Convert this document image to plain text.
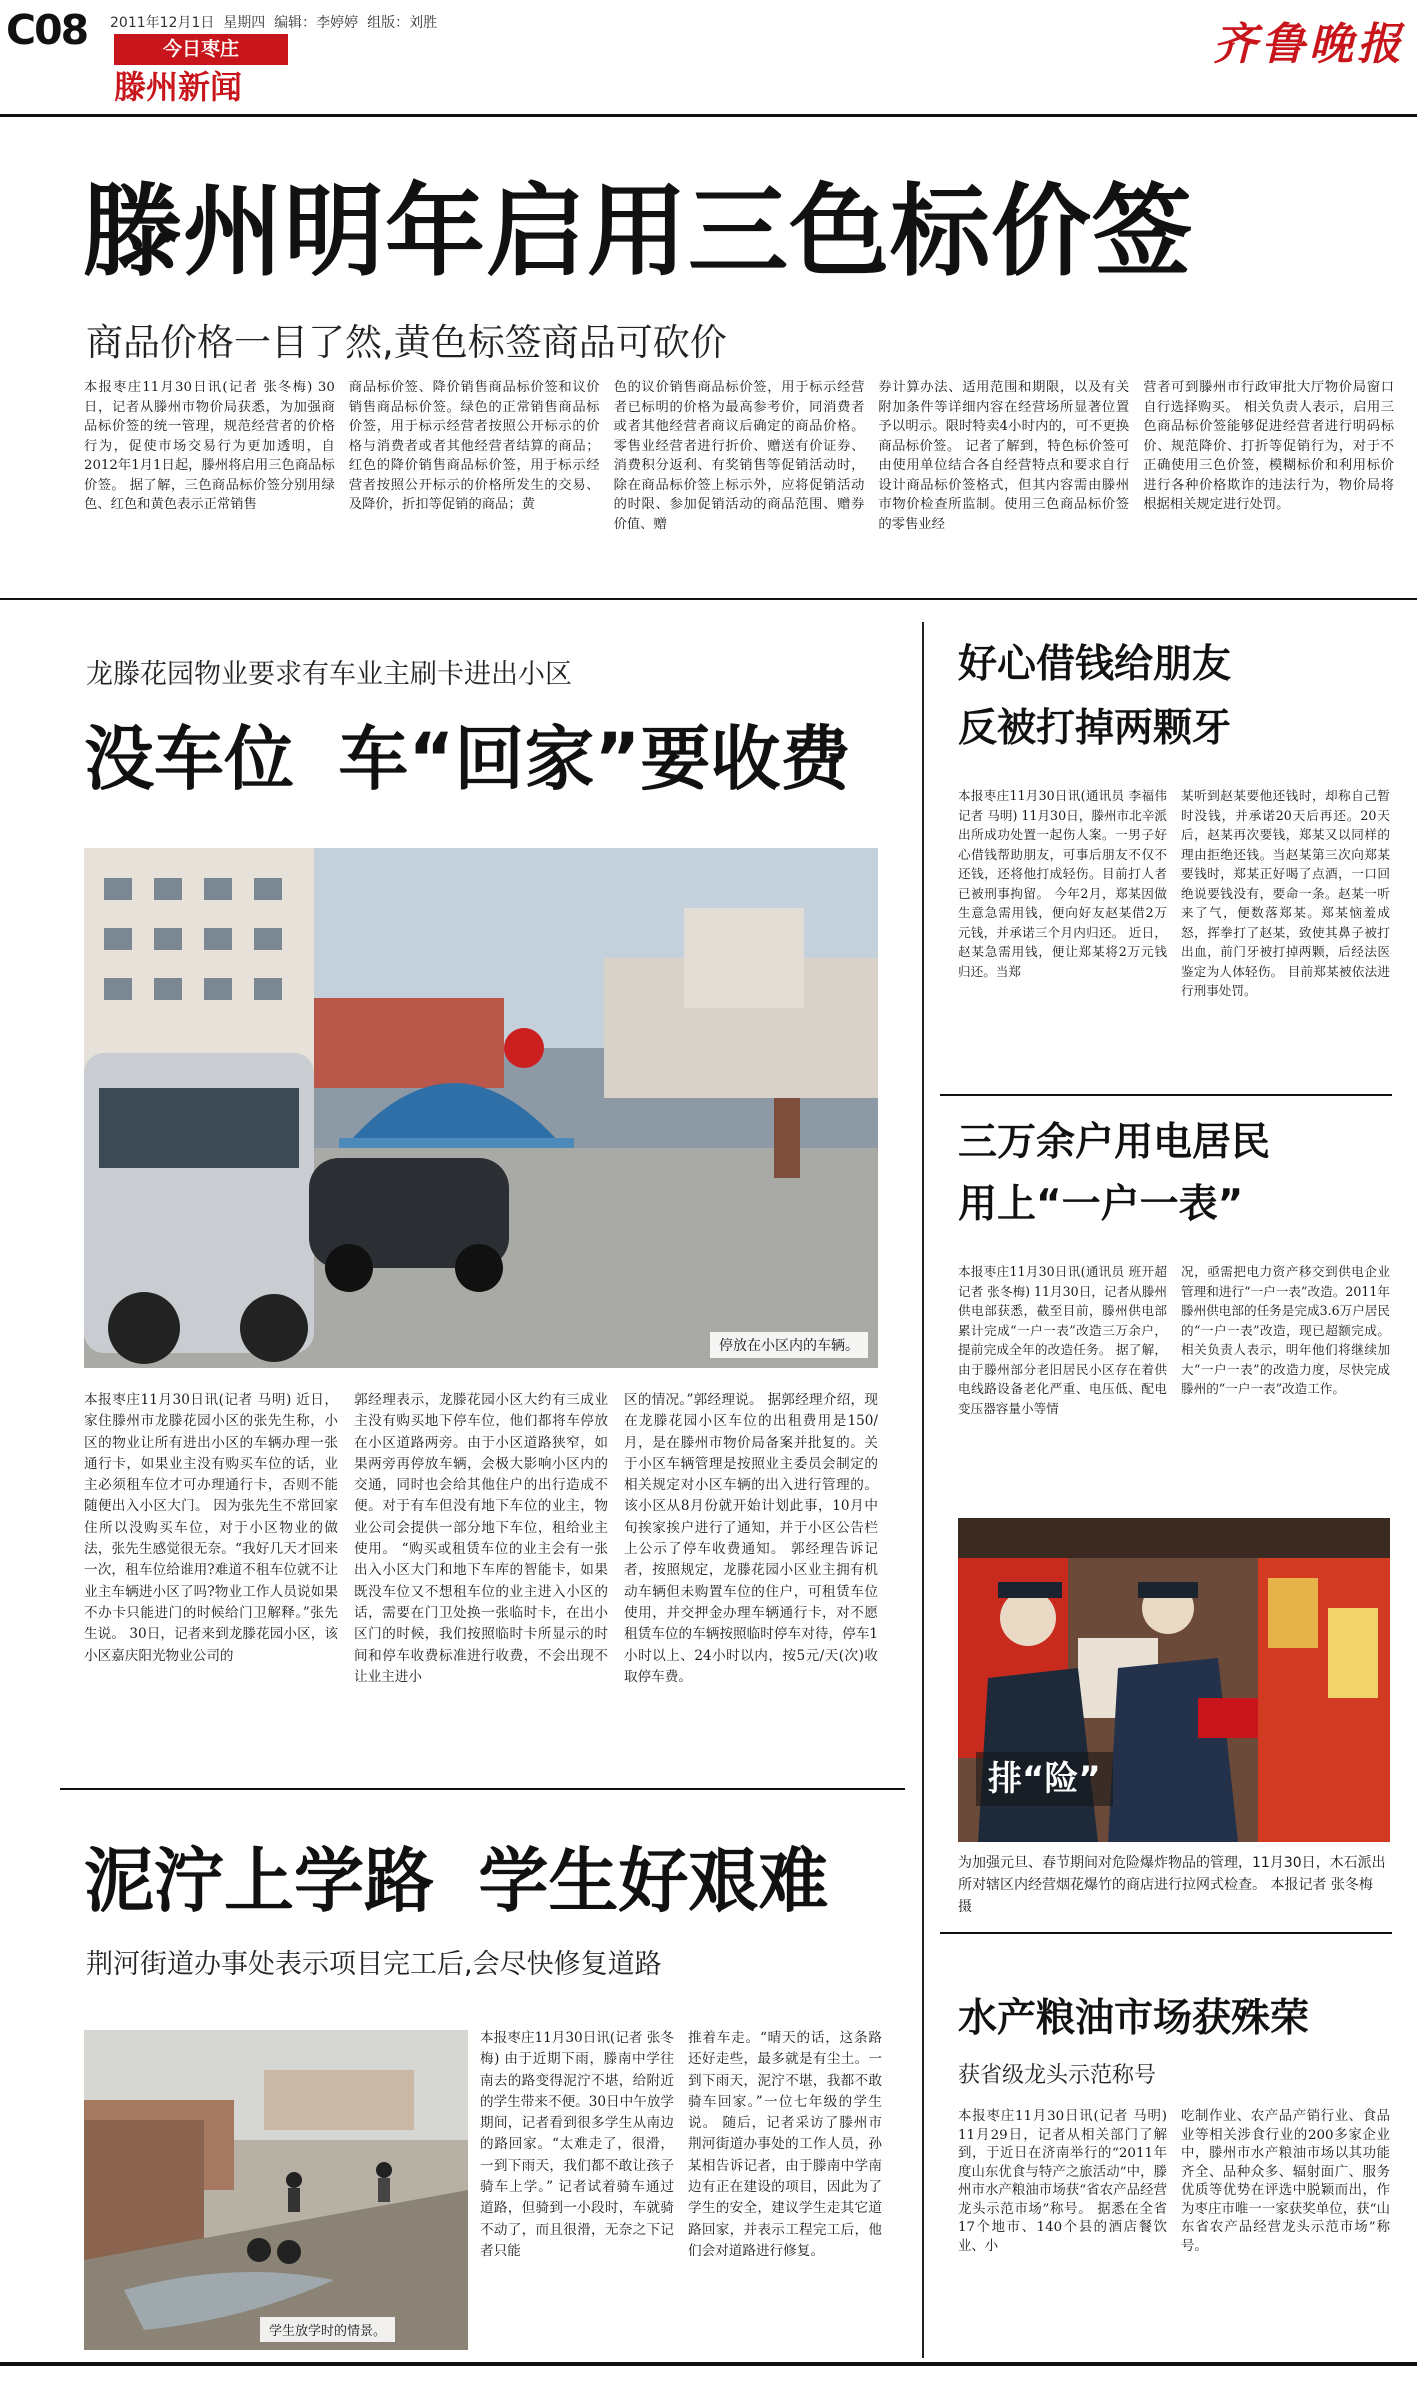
C08 2011年12月1日 星期四 编辑：李婷婷 组版：刘胜
今日枣庄
滕州新闻
齐鲁晚报
滕州明年启用三色标价签
商品价格一目了然,黄色标签商品可砍价
本报枣庄11月30日讯(记者 张冬梅) 30日，记者从滕州市物价局获悉，为加强商品标价签的统一管理，规范经营者的价格行为，促使市场交易行为更加透明，自2012年1月1日起，滕州将启用三色商品标价签。 据了解，三色商品标价签分别用绿色、红色和黄色表示正常销售
商品标价签、降价销售商品标价签和议价销售商品标价签。绿色的正常销售商品标价签，用于标示经营者按照公开标示的价格与消费者或者其他经营者结算的商品；红色的降价销售商品标价签，用于标示经营者按照公开标示的价格所发生的交易、及降价，折扣等促销的商品；黄
色的议价销售商品标价签，用于标示经营者已标明的价格为最高参考价，同消费者或者其他经营者商议后确定的商品价格。 零售业经营者进行折价、赠送有价证券、消费积分返利、有奖销售等促销活动时，除在商品标价签上标示外，应将促销活动的时限、参加促销活动的商品范围、赠券价值、赠
券计算办法、适用范围和期限，以及有关附加条件等详细内容在经营场所显著位置予以明示。限时特卖4小时内的，可不更换商品标价签。 记者了解到，特色标价签可由使用单位结合各自经营特点和要求自行设计商品标价签格式，但其内容需由滕州市物价检查所监制。使用三色商品标价签的零售业经
营者可到滕州市行政审批大厅物价局窗口自行选择购买。 相关负责人表示，启用三色商品标价签能够促进经营者进行明码标价、规范降价、打折等促销行为，对于不正确使用三色价签，模糊标价和利用标价进行各种价格欺诈的违法行为，物价局将根据相关规定进行处罚。
龙滕花园物业要求有车业主刷卡进出小区
没车位 车“回家”要收费
停放在小区内的车辆。
本报枣庄11月30日讯(记者 马明) 近日，家住滕州市龙滕花园小区的张先生称，小区的物业让所有进出小区的车辆办理一张通行卡，如果业主没有购买车位的话，业主必须租车位才可办理通行卡，否则不能随便出入小区大门。 因为张先生不常回家住所以没购买车位，对于小区物业的做法，张先生感觉很无奈。“我好几天才回来一次，租车位给谁用?难道不租车位就不让业主车辆进小区了吗?物业工作人员说如果不办卡只能进门的时候给门卫解释。”张先生说。 30日，记者来到龙滕花园小区，该小区嘉庆阳光物业公司的
郭经理表示，龙滕花园小区大约有三成业主没有购买地下停车位，他们都将车停放在小区道路两旁。由于小区道路狭窄，如果两旁再停放车辆，会极大影响小区内的交通，同时也会给其他住户的出行造成不便。对于有车但没有地下车位的业主，物业公司会提供一部分地下车位，租给业主使用。 “购买或租赁车位的业主会有一张出入小区大门和地下车库的智能卡，如果既没车位又不想租车位的业主进入小区的话，需要在门卫处换一张临时卡，在出小区门的时候，我们按照临时卡所显示的时间和停车收费标准进行收费，不会出现不让业主进小
区的情况。”郭经理说。 据郭经理介绍，现在龙滕花园小区车位的出租费用是150/月，是在滕州市物价局备案并批复的。关于小区车辆管理是按照业主委员会制定的相关规定对小区车辆的出入进行管理的。该小区从8月份就开始计划此事，10月中旬挨家挨户进行了通知，并于小区公告栏上公示了停车收费通知。 郭经理告诉记者，按照规定，龙滕花园小区业主拥有机动车辆但未购置车位的住户，可租赁车位使用，并交押金办理车辆通行卡，对不愿租赁车位的车辆按照临时停车对待，停车1小时以上、24小时以内，按5元/天(次)收取停车费。
泥泞上学路 学生好艰难
荆河街道办事处表示项目完工后,会尽快修复道路
学生放学时的情景。
本报枣庄11月30日讯(记者 张冬梅) 由于近期下雨，滕南中学往南去的路变得泥泞不堪，给附近的学生带来不便。30日中午放学期间，记者看到很多学生从南边的路回家。“太难走了，很滑，一到下雨天，我们都不敢让孩子骑车上学。” 记者试着骑车通过道路，但骑到一小段时，车就骑不动了，而且很滑，无奈之下记者只能
推着车走。“晴天的话，这条路还好走些，最多就是有尘土。一到下雨天，泥泞不堪，我都不敢骑车回家。”一位七年级的学生说。 随后，记者采访了滕州市荆河街道办事处的工作人员，孙某相告诉记者，由于滕南中学南边有正在建设的项目，因此为了学生的安全，建议学生走其它道路回家，并表示工程完工后，他们会对道路进行修复。
好心借钱给朋友
反被打掉两颗牙
本报枣庄11月30日讯(通讯员 李福伟 记者 马明) 11月30日，滕州市北辛派出所成功处置一起伤人案。一男子好心借钱帮助朋友，可事后朋友不仅不还钱，还将他打成轻伤。目前打人者已被刑事拘留。 今年2月，郑某因做生意急需用钱，便向好友赵某借2万元钱，并承诺三个月内归还。 近日，赵某急需用钱，便让郑某将2万元钱归还。当郑
某听到赵某要他还钱时，却称自己暂时没钱，并承诺20天后再还。20天后，赵某再次要钱，郑某又以同样的理由拒绝还钱。当赵某第三次向郑某要钱时，郑某正好喝了点酒，一口回绝说要钱没有，要命一条。赵某一听来了气，便数落郑某。郑某恼羞成怒，挥拳打了赵某，致使其鼻子被打出血，前门牙被打掉两颗，后经法医鉴定为人体轻伤。 目前郑某被依法进行刑事处罚。
三万余户用电居民
用上“一户一表”
本报枣庄11月30日讯(通讯员 班开超 记者 张冬梅) 11月30日，记者从滕州供电部获悉，截至目前，滕州供电部累计完成“一户一表”改造三万余户，提前完成全年的改造任务。 据了解，由于滕州部分老旧居民小区存在着供电线路设备老化严重、电压低、配电变压器容量小等情
况，亟需把电力资产移交到供电企业管理和进行“一户一表”改造。2011年滕州供电部的任务是完成3.6万户居民的“一户一表”改造，现已超额完成。 相关负责人表示，明年他们将继续加大“一户一表”的改造力度，尽快完成滕州的“一户一表”改造工作。
排“险”
为加强元旦、春节期间对危险爆炸物品的管理，11月30日，木石派出所对辖区内经营烟花爆竹的商店进行拉网式检查。 本报记者 张冬梅 摄
水产粮油市场获殊荣
获省级龙头示范称号
本报枣庄11月30日讯(记者 马明) 11月29日，记者从相关部门了解到，于近日在济南举行的“2011年度山东优食与特产之旅活动”中，滕州市水产粮油市场获“省农产品经营龙头示范市场”称号。 据悉在全省17个地市、140个县的酒店餐饮业、小
吃制作业、农产品产销行业、食品业等相关涉食行业的200多家企业中，滕州市水产粮油市场以其功能齐全、品种众多、辐射面广、服务优质等优势在评选中脱颖而出，作为枣庄市唯一一家获奖单位，获“山东省农产品经营龙头示范市场”称号。
